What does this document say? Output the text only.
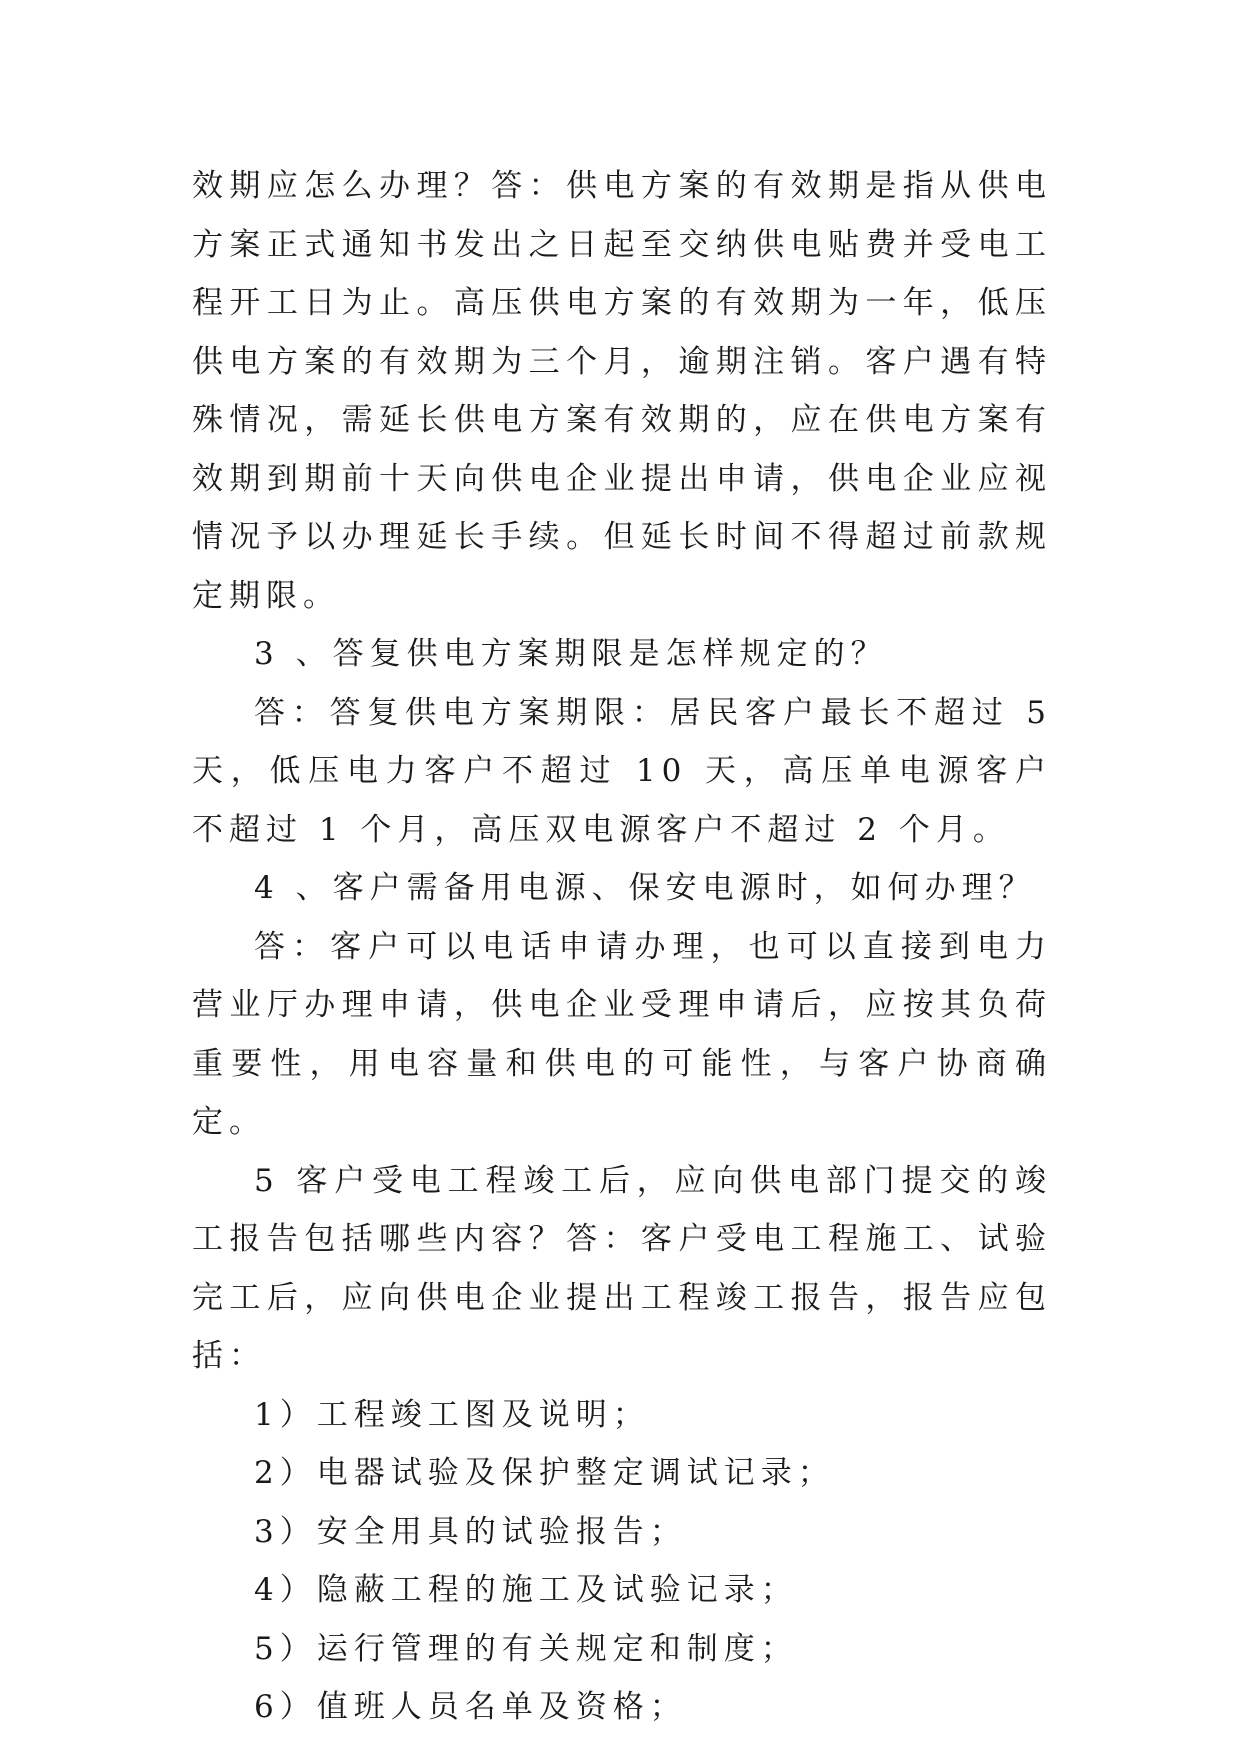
效期应怎么办理？答：供电方案的有效期是指从供电方案正式通知书发出之日起至交纳供电贴费并受电工程开工日为止。高压供电方案的有效期为一年，低压供电方案的有效期为三个月，逾期注销。客户遇有特殊情况，需延长供电方案有效期的，应在供电方案有效期到期前十天向供电企业提出申请，供电企业应视情况予以办理延长手续。但延长时间不得超过前款规定期限。

3 、答复供电方案期限是怎样规定的？

答：答复供电方案期限：居民客户最长不超过 5 天，低压电力客户不超过 10 天，高压单电源客户不超过 1 个月，高压双电源客户不超过 2 个月。

4 、客户需备用电源、保安电源时，如何办理？

答：客户可以电话申请办理，也可以直接到电力营业厅办理申请，供电企业受理申请后，应按其负荷重要性，用电容量和供电的可能性，与客户协商确定。

5 客户受电工程竣工后，应向供电部门提交的竣工报告包括哪些内容？答：客户受电工程施工、试验完工后，应向供电企业提出工程竣工报告，报告应包括：

1）工程竣工图及说明；

2）电器试验及保护整定调试记录；

3）安全用具的试验报告；

4）隐蔽工程的施工及试验记录；

5）运行管理的有关规定和制度；

6）值班人员名单及资格；
